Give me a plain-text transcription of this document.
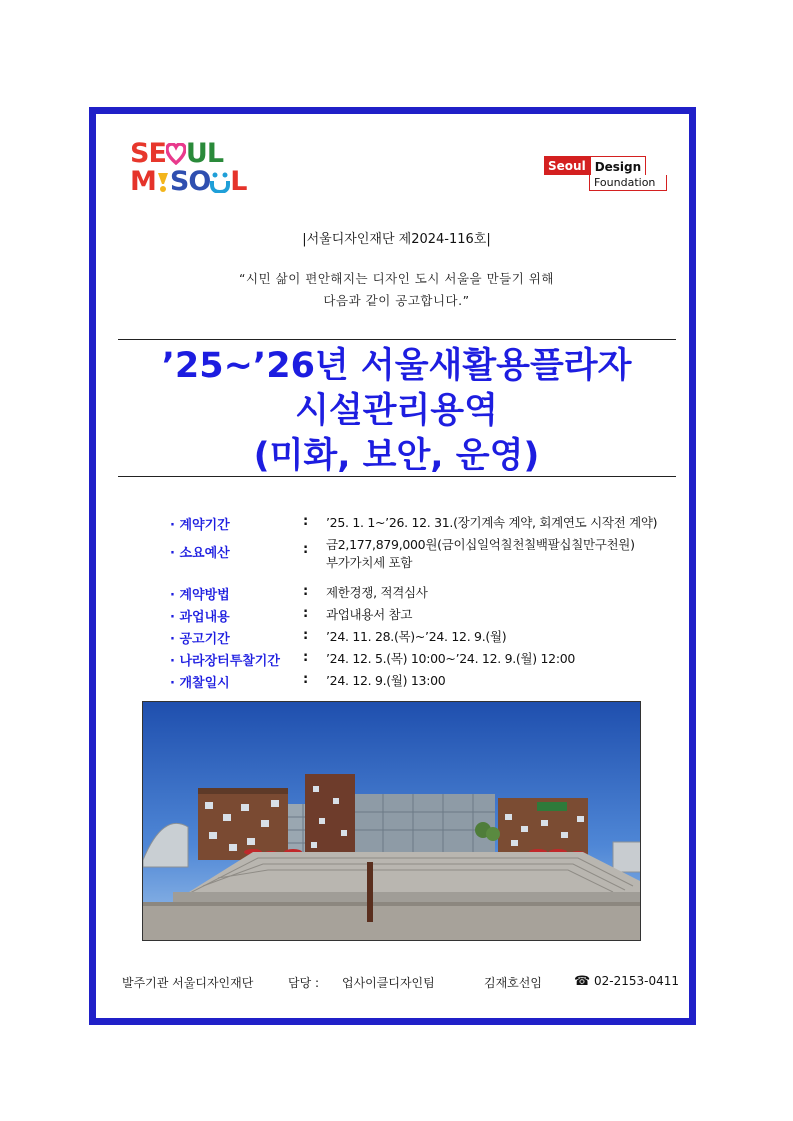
SE UL
M SO L	Seoul Design
Foundation
|서울디자인재단 제2024-116호|
“시민 삶이 편안해지는 디자인 도시 서울을 만들기 위해
다음과 같이 공고합니다.”
’25~’26년 서울새활용플라자
시설관리용역
(미화, 보안, 운영)
· 계약기간	: ’25. 1. 1~’26. 12. 31.(장기계속 계약, 회계연도 시작전 계약)
· 소요예산	: 금2,177,879,000원(금이십일억칠천칠백팔십칠만구천원)
부가가치세 포함
· 계약방법	: 제한경쟁, 적격심사
· 과업내용	: 과업내용서 참고
· 공고기간	: ’24. 11. 28.(목)~’24. 12. 9.(월)
· 나라장터투찰기간 : ’24. 12. 5.(목) 10:00~’24. 12. 9.(월) 12:00
· 개찰일시	: ’24. 12. 9.(월) 13:00
발주기관 서울디자인재단	담당 : 업사이클디자인팀	김재호선임 ☎ 02-2153-0411
